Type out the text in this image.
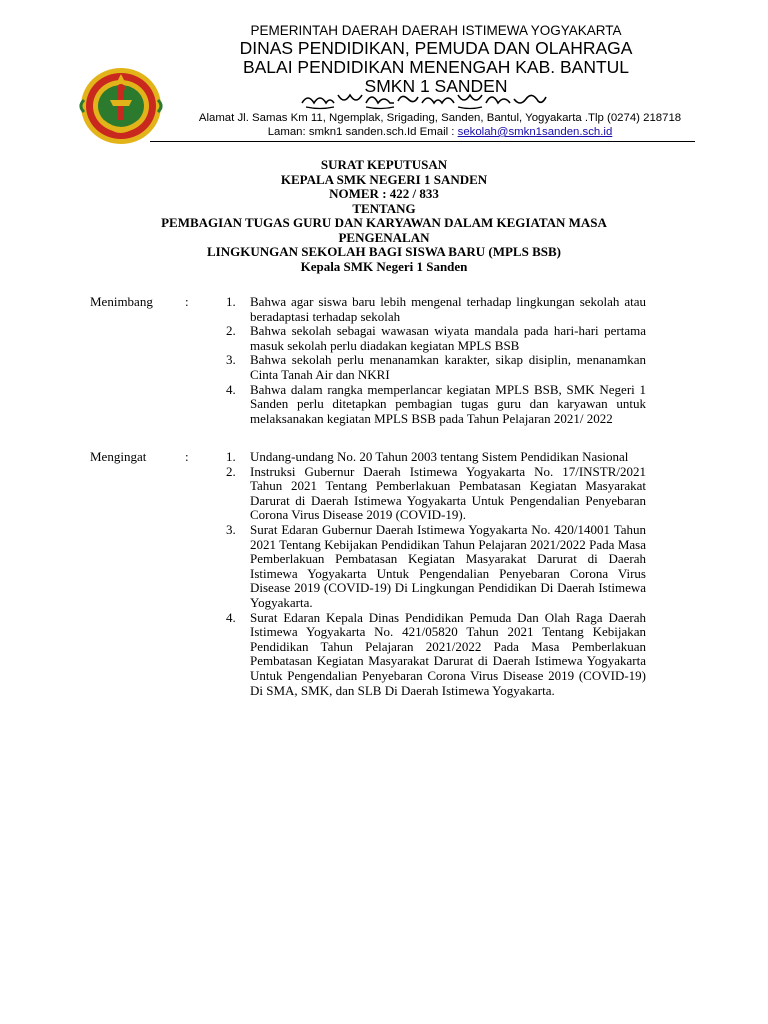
PEMERINTAH DAERAH DAERAH ISTIMEWA YOGYAKARTA
DINAS PENDIDIKAN, PEMUDA DAN OLAHRAGA
BALAI PENDIDIKAN MENENGAH KAB. BANTUL
SMKN 1 SANDEN
Alamat Jl. Samas Km 11, Ngemplak, Srigading, Sanden, Bantul, Yogyakarta .Tlp (0274) 218718
Laman: smkn1 sanden.sch.Id Email : sekolah@smkn1sanden.sch.id
SURAT KEPUTUSAN
KEPALA SMK NEGERI 1 SANDEN
NOMER : 422 / 833
TENTANG
PEMBAGIAN TUGAS GURU DAN KARYAWAN DALAM KEGIATAN MASA
PENGENALAN
LINGKUNGAN SEKOLAH BAGI SISWA BARU (MPLS BSB)
Kepala SMK Negeri 1 Sanden
Menimbang :	1.	Bahwa agar siswa baru lebih mengenal terhadap lingkungan sekolah atau beradaptasi terhadap sekolah
2.	Bahwa sekolah sebagai wawasan wiyata mandala pada hari-hari pertama masuk sekolah perlu diadakan kegiatan MPLS BSB
3.	Bahwa sekolah perlu menanamkan karakter, sikap disiplin, menanamkan Cinta Tanah Air dan NKRI
4.	Bahwa dalam rangka memperlancar kegiatan MPLS BSB, SMK Negeri 1 Sanden perlu ditetapkan pembagian tugas guru dan karyawan untuk melaksanakan kegiatan MPLS BSB pada Tahun Pelajaran 2021/ 2022
Mengingat	:	1.	Undang-undang No. 20 Tahun 2003 tentang Sistem Pendidikan Nasional
2.	Instruksi Gubernur Daerah Istimewa Yogyakarta No. 17/INSTR/2021 Tahun 2021 Tentang Pemberlakuan Pembatasan Kegiatan Masyarakat Darurat di Daerah Istimewa Yogyakarta Untuk Pengendalian Penyebaran Corona Virus Disease 2019 (COVID-19).
3.	Surat Edaran Gubernur Daerah Istimewa Yogyakarta No. 420/14001 Tahun 2021 Tentang Kebijakan Pendidikan Tahun Pelajaran 2021/2022 Pada Masa Pemberlakuan Pembatasan Kegiatan Masyarakat Darurat di Daerah Istimewa Yogyakarta Untuk Pengendalian Penyebaran Corona Virus Disease 2019 (COVID-19) Di Lingkungan Pendidikan Di Daerah Istimewa Yogyakarta.
4.	Surat Edaran Kepala Dinas Pendidikan Pemuda Dan Olah Raga Daerah Istimewa Yogyakarta No. 421/05820 Tahun 2021 Tentang Kebijakan Pendidikan Tahun Pelajaran 2021/2022 Pada Masa Pemberlakuan Pembatasan Kegiatan Masyarakat Darurat di Daerah Istimewa Yogyakarta Untuk Pengendalian Penyebaran Corona Virus Disease 2019 (COVID-19) Di SMA, SMK, dan SLB Di Daerah Istimewa Yogyakarta.
